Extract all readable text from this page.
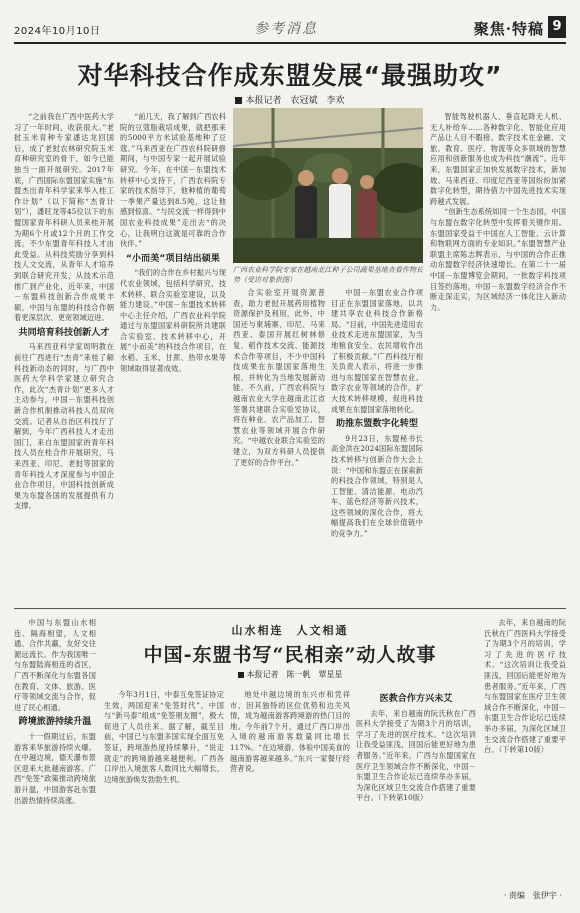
2024年10月10日	参考消息	聚焦·特稿 9
对华科技合作成东盟发展“最强助攻”
本报记者　农冠斌　李欢

“之前我在广西中医药大学习了一年时间，收获很大。”老挝玉米育种专家潘达龙回国后，成了老挝农林研究院玉米育种研究室的骨干，如今已能独当一面开展研究。2017年底，广西国际东盟国家实施“东盟杰出青年科学家来华入桂工作计划”（以下简称“杰青计划”），潘旺龙等45位以下的东盟国家青年科研人员来桂开展为期6个月或12个月的工作交流，不少东盟青年科技人才由此受益。从科技奖励分享到科技人文交流，从青年人才培养到联合研究开发，从技术示范推广到产业化，近年来，中国－东盟科技创新合作成果丰硕，中国与东盟的科技合作朝着更深层次、更宽领域迈进。

共同培育科技创新人才

马来西亚科学家周明教在前往广西进行“杰青”来桂了解科技新动态的同时，与广西中医药大学科学家建立研究合作，此次“杰青计划”更多人才主动参与，中国－东盟科技创新合作机制推动科技人员双向交流。记者从自治区科技厅了解到，今年广西科技人才走出国门，来自东盟国家的青年科技人员在桂合作开展研究，马来西亚、印尼、老挝等国家的青年科技人才深度参与中国企业合作项目，中国科技创新成果为东盟各国的发展提供有力支撑。

“前几天，我了解到广西农科院的豆蔻脂栽培成果，就把那来的5000平方米试验基地种了豆蔻。”马来西亚在广西农科院研修期间，与中国专家一起开展试验研究。今年，在中国－东盟技术转移中心支持下，广西农科院专家的技术指导下，他种植的葡萄一季果产量达到8.5吨，这让他感到惊喜。“与民交流一样得到中国农业科技成果”走出去“的决心，让我明白这就是可靠的合作伙伴。”

“小而美”项目结出硕果

“我们的合作在乡村振兴与现代农业领域，包括科学研究、技术转移、联合实验室建设，以及能力建设。”中国－东盟技术转移中心主任介绍，广西农业科学院通过与东盟国家科研院所共建联合实验室、技术转移中心，开展“小而美”的科技合作项目，在水稻、玉米、甘蔗、热带水果等领域取得显著成效。

广西农业科学院专家在越南北江种子公司蔬果基地查看作物长势（受访对象供图）

合实验室开展资源普查，助力老挝开展药用植物资源保护及利用，此外，中国还与柬埔寨、印尼、马来西亚、泰国开展红树林修复、稻作技术交流、能源技术合作等项目，不少中国科技成果在东盟国家落地生根，并转化为当地发展新动能。不久前，广西农科院与越南农业大学在越南北江省签署共建联合实验室协议，将在种业、农产品加工、智慧农业等领域开展合作研究。“中越农业联合实验室的建立，为双方科研人员提供了更好的合作平台。”

中国－东盟农业合作项目正在东盟国家落地，以共建共享农业科技合作新格局。“目前，中国先进适用农业技术走进东盟国家，为当地粮食安全、农民增收作出了积极贡献。”广西科技厅相关负责人表示，将进一步推进与东盟国家在智慧农业、数字农业等领域的合作，扩大技术转移规模，促进科技成果在东盟国家落地转化。

助推东盟数字化转型

9月23日，东盟秘书长高金洪在2024国际东盟国际技术转移与创新合作大会上说：“中国和东盟正在探索新的科技合作领域，特别是人工智能、清洁能源、电动汽车、蓝色经济等新兴技术，这些领域的深化合作，将大幅提高我们在全球价值链中的竞争力。”

智能驾驶机器人、垂直起降无人机、无人补给车……各种数字化、智能化应用产品让人目不暇接。数字技术在金融、文旅、教育、医疗、物流等众多领域的智慧应用和创新服务也成为科技“潮流”。近年来，东盟国家正加快发展数字技术，新加坡、马来西亚、印度尼西亚等国纷纷加紧数字化转型，期待借力中国先进技术实现跨越式发展。

“创新生态系统如同一个生态园，中国与东盟在数字化转型中发挥着关键作用。东盟国家受益于中国在人工智能、云计算和物联网方面的专业知识。”东盟智慧产业联盟主席陈志辉表示，与中国的合作正推动东盟数字经济快速增长。在第二十一届中国－东盟博览会期间，一批数字科技项目签约落地，中国－东盟数字经济合作不断走深走实，为区域经济一体化注入新动力。

山水相连　人文相通
中国-东盟书写“民相亲”动人故事
本报记者　陈一帆　覃星星

中国与东盟山水相连、隔海相望，人文相通、合作共赢，友好交往源远流长。作为我国唯一与东盟陆海相连的省区，广西不断深化与东盟各国在教育、文体、旅游、医疗等领域交流与合作，促进了民心相通。

跨境旅游持续升温

十一假期过后，东盟游客来华旅游持续火爆。在中越边境，德天瀑布景区迎来大批越南游客。广西“免签”政策推动跨境旅游升温，中国游客赴东盟出游热情持续高涨。

今年3月1日，中泰互免签证协定生效，两国迎来“免签时代”。中国与“新马泰”组成“免签朋友圈”，极大促进了人员往来。据了解，截至目前，中国已与东盟多国实现全面互免签证，跨境游热度持续攀升，“说走就走”的跨境游越来越便利。广西各口岸出入境旅客人数同比大幅增长，边境旅游焕发勃勃生机。

地处中越边境的东兴市和凭祥市，因其独特的区位优势和边关风情，成为越南游客跨境游的热门目的地。今年前7个月，通过广西口岸出入境的越南游客数量同比增长117%。“在边境游、体验中国美食的越南游客越来越多。”东兴一家餐厅经营者说。

医教合作方兴未艾

去年，来自越南的阮氏秋在广西医科大学接受了为期3个月的培训，学习了先进的医疗技术。“这次培训让我受益匪浅，回国后能更好地为患者服务。”近年来，广西与东盟国家在医疗卫生领域合作不断深化，中国－东盟卫生合作论坛已连续举办多届，为深化区域卫生交流合作搭建了重要平台。（下转第10版）

去年，来自越南的阮氏秋在广西医科大学接受了为期3个月的培训，学习了先进的医疗技术。“这次培训让我受益匪浅，回国后能更好地为患者服务。”近年来，广西与东盟国家在医疗卫生领域合作不断深化，中国－东盟卫生合作论坛已连续举办多届，为深化区域卫生交流合作搭建了重要平台。（下转第10版）

· 责编　张伊宇 ·
